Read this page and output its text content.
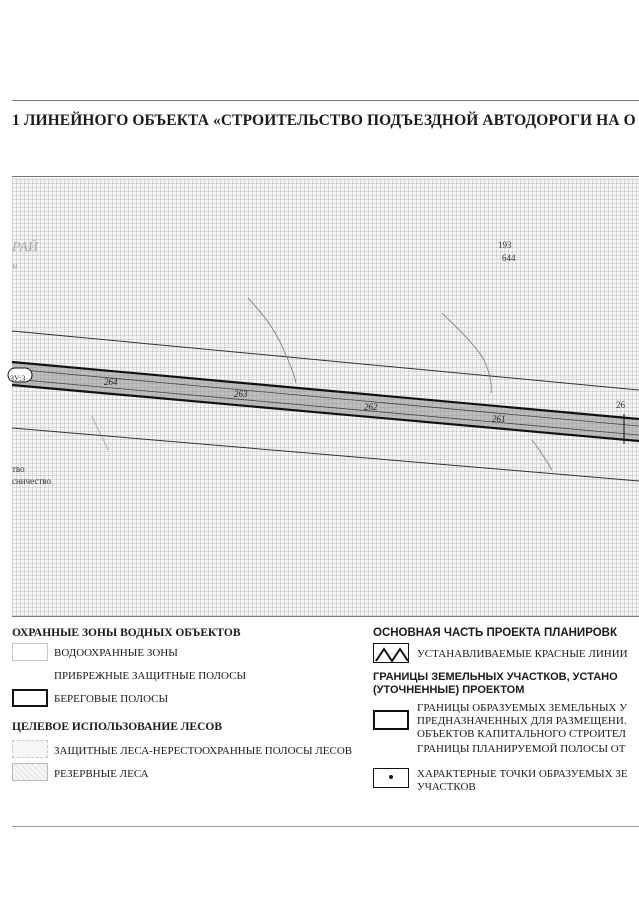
1 ЛИНЕЙНОГО ОБЪЕКТА «СТРОИТЕЛЬСТВО ПОДЪЕЗДНОЙ АВТОДОРОГИ НА О
РАЙ
н
193
644
ЗУ:3
26
тво
сничество
264
263
262
261
ОХРАННЫЕ ЗОНЫ ВОДНЫХ ОБЪЕКТОВ
ВОДООХРАННЫЕ ЗОНЫ
ПРИБРЕЖНЫЕ ЗАЩИТНЫЕ ПОЛОСЫ
БЕРЕГОВЫЕ ПОЛОСЫ
ЦЕЛЕВОЕ ИСПОЛЬЗОВАНИЕ ЛЕСОВ
ЗАЩИТНЫЕ ЛЕСА-НЕРЕСТООХРАННЫЕ ПОЛОСЫ ЛЕСОВ
РЕЗЕРВНЫЕ ЛЕСА
ОСНОВНАЯ ЧАСТЬ ПРОЕКТА ПЛАНИРОВК
УСТАНАВЛИВАЕМЫЕ КРАСНЫЕ ЛИНИИ
ГРАНИЦЫ ЗЕМЕЛЬНЫХ УЧАСТКОВ, УСТАНО
(УТОЧНЕННЫЕ) ПРОЕКТОМ
ГРАНИЦЫ ОБРАЗУЕМЫХ ЗЕМЕЛЬНЫХ У
ПРЕДНАЗНАЧЕННЫХ ДЛЯ РАЗМЕЩЕНИ.
ОБЪЕКТОВ КАПИТАЛЬНОГО СТРОИТЕЛ
ГРАНИЦЫ ПЛАНИРУЕМОЙ ПОЛОСЫ ОТ
ХАРАКТЕРНЫЕ ТОЧКИ ОБРАЗУЕМЫХ ЗЕ
УЧАСТКОВ
